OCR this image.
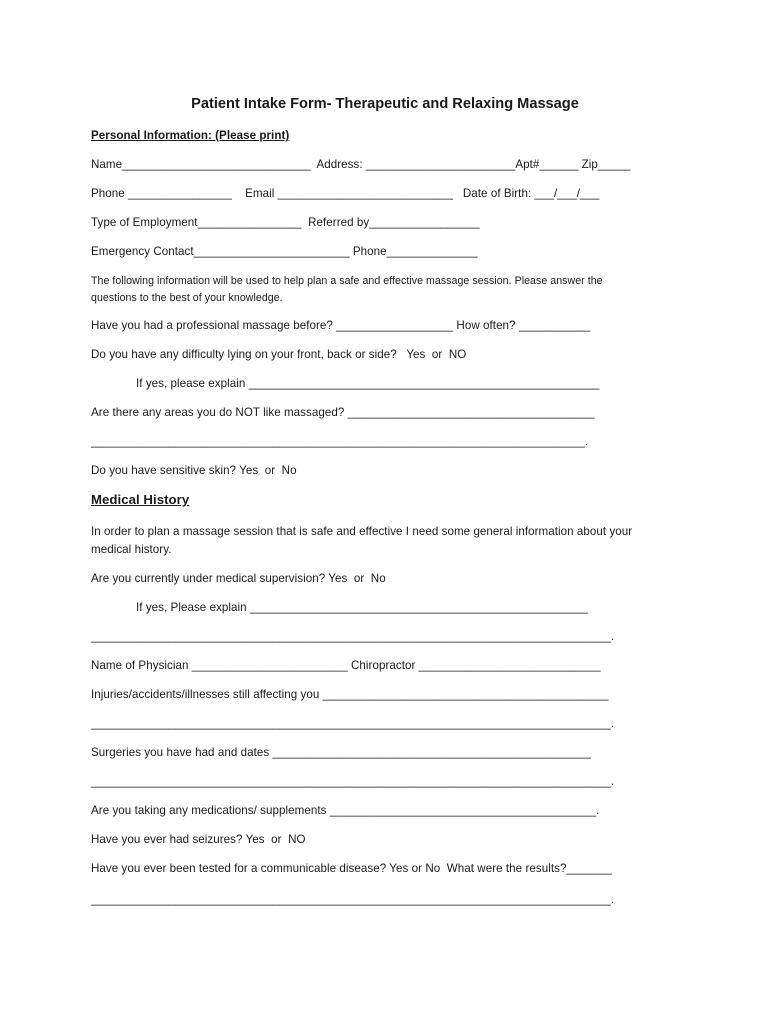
Patient Intake Form- Therapeutic and Relaxing Massage
Personal Information: (Please print)
Name_____________________________  Address: _______________________Apt#______ Zip_____
Phone ________________    Email ___________________________   Date of Birth: ___/___/___
Type of Employment________________  Referred by_________________
Emergency Contact________________________ Phone______________
The following information will be used to help plan a safe and effective massage session. Please answer the
questions to the best of your knowledge.
Have you had a professional massage before? __________________ How often? ___________
Do you have any difficulty lying on your front, back or side?   Yes  or  NO
If yes, please explain ______________________________________________________
Are there any areas you do NOT like massaged? ______________________________________
____________________________________________________________________________.
Do you have sensitive skin? Yes  or  No
Medical History
In order to plan a massage session that is safe and effective I need some general information about your
medical history.
Are you currently under medical supervision? Yes  or  No
If yes, Please explain ____________________________________________________
________________________________________________________________________________.
Name of Physician ________________________ Chiropractor ____________________________
Injuries/accidents/illnesses still affecting you ____________________________________________
________________________________________________________________________________.
Surgeries you have had and dates _________________________________________________
________________________________________________________________________________.
Are you taking any medications/ supplements _________________________________________.
Have you ever had seizures? Yes  or  NO
Have you ever been tested for a communicable disease? Yes or No  What were the results?_______
________________________________________________________________________________.
